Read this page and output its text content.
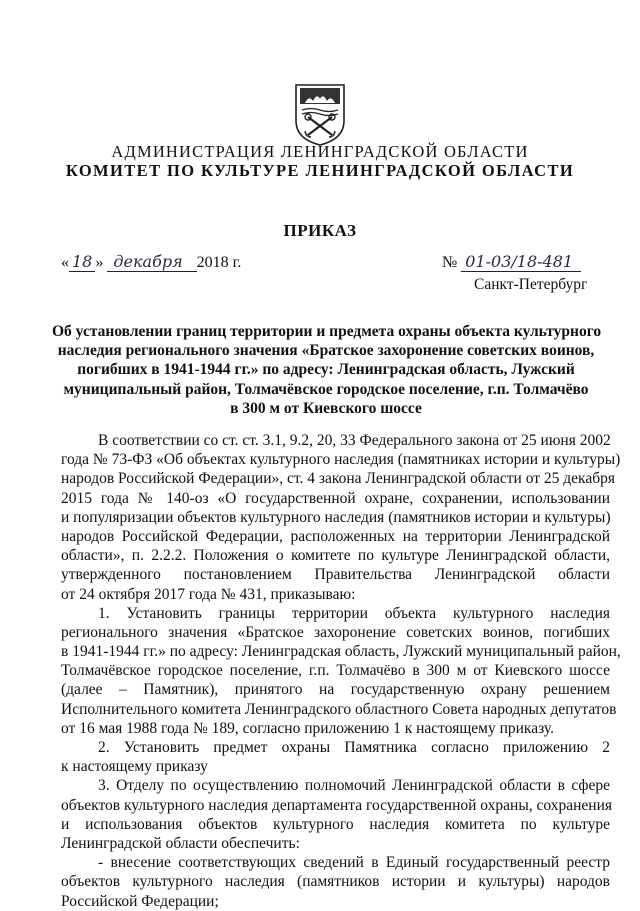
АДМИНИСТРАЦИЯ ЛЕНИНГРАДСКОЙ ОБЛАСТИ
КОМИТЕТ ПО КУЛЬТУРЕ ЛЕНИНГРАДСКОЙ ОБЛАСТИ
ПРИКАЗ
« 18 » декабря 2018 г.	№ 01-03/18-481
Санкт-Петербург
Об установлении границ территории и предмета охраны объекта культурного
наследия регионального значения «Братское захоронение советских воинов,
погибших в 1941-1944 гг.» по адресу: Ленинградская область, Лужский
муниципальный район, Толмачёвское городское поселение, г.п. Толмачёво
в 300 м от Киевского шоссе
В соответствии со ст. ст. 3.1, 9.2, 20, 33 Федерального закона от 25 июня 2002
года № 73-ФЗ «Об объектах культурного наследия (памятниках истории и культуры)
народов Российской Федерации», ст. 4 закона Ленинградской области от 25 декабря
2015 года № 140-оз «О государственной охране, сохранении, использовании
и популяризации объектов культурного наследия (памятников истории и культуры)
народов Российской Федерации, расположенных на территории Ленинградской
области», п. 2.2.2. Положения о комитете по культуре Ленинградской области,
утвержденного постановлением Правительства Ленинградской области
от 24 октября 2017 года № 431, приказываю:
1. Установить границы территории объекта культурного наследия
регионального значения «Братское захоронение советских воинов, погибших
в 1941-1944 гг.» по адресу: Ленинградская область, Лужский муниципальный район,
Толмачёвское городское поселение, г.п. Толмачёво в 300 м от Киевского шоссе
(далее – Памятник), принятого на государственную охрану решением
Исполнительного комитета Ленинградского областного Совета народных депутатов
от 16 мая 1988 года № 189, согласно приложению 1 к настоящему приказу.
2. Установить предмет охраны Памятника согласно приложению 2
к настоящему приказу
3. Отделу по осуществлению полномочий Ленинградской области в сфере
объектов культурного наследия департамента государственной охраны, сохранения
и использования объектов культурного наследия комитета по культуре
Ленинградской области обеспечить:
- внесение соответствующих сведений в Единый государственный реестр
объектов культурного наследия (памятников истории и культуры) народов
Российской Федерации;
